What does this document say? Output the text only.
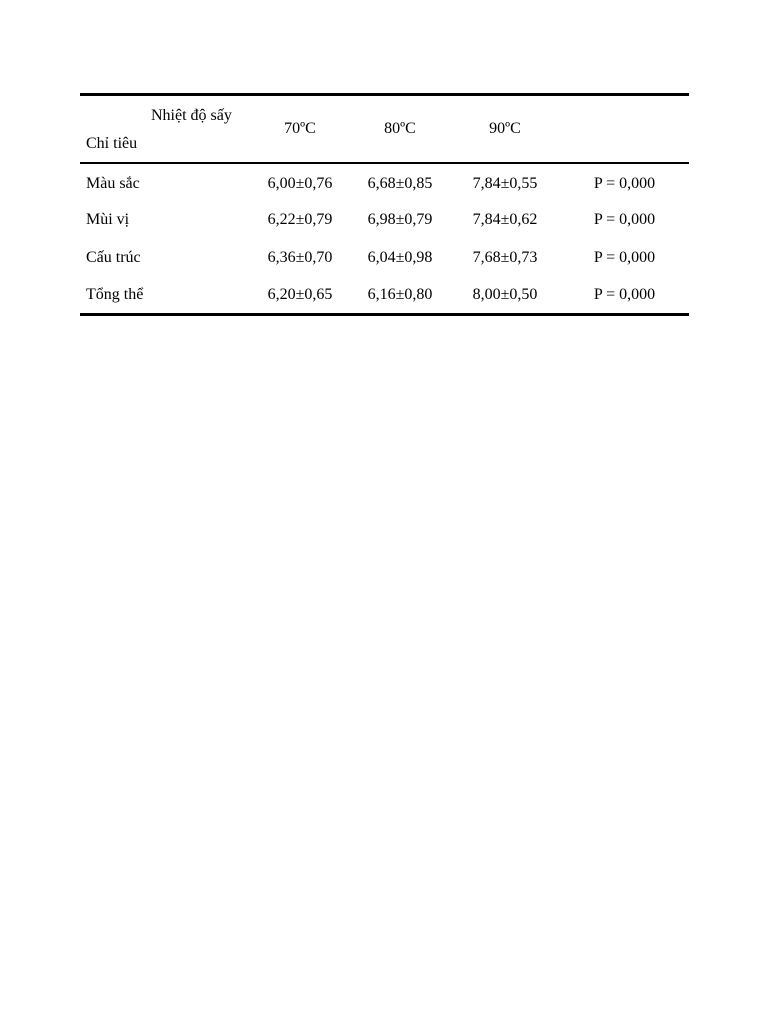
Nhiệt độ sấy
Chỉ tiêu	70ºC	80ºC	90ºC	
Màu sắc	6,00±0,76	6,68±0,85	7,84±0,55	P = 0,000
Mùi vị	6,22±0,79	6,98±0,79	7,84±0,62	P = 0,000
Cấu trúc	6,36±0,70	6,04±0,98	7,68±0,73	P = 0,000
Tổng thể	6,20±0,65	6,16±0,80	8,00±0,50	P = 0,000
